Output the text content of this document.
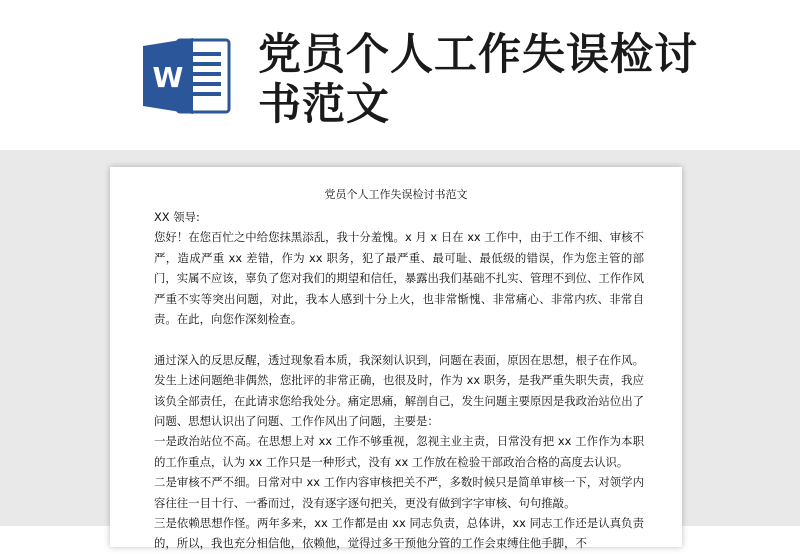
W 党员个人工作失误检讨书范文
党员个人工作失误检讨书范文

XX 领导:

您好！在您百忙之中给您抹黑添乱，我十分羞愧。x 月 x 日在 xx 工作中，由于工作不细、审核不严，造成严重 xx 差错，作为 xx 职务，犯了最严重、最可耻、最低级的错误，作为您主管的部门，实属不应该，辜负了您对我们的期望和信任，暴露出我们基础不扎实、管理不到位、工作作风严重不实等突出问题，对此，我本人感到十分上火，也非常惭愧、非常痛心、非常内疚、非常自责。在此，向您作深刻检查。

通过深入的反思反醒，透过现象看本质，我深刻认识到，问题在表面，原因在思想，根子在作风。发生上述问题绝非偶然，您批评的非常正确，也很及时，作为 xx 职务，是我严重失职失责，我应该负全部责任，在此请求您给我处分。痛定思痛，解剖自己，发生问题主要原因是我政治站位出了问题、思想认识出了问题、工作作风出了问题，主要是：

一是政治站位不高。在思想上对 xx 工作不够重视，忽视主业主责，日常没有把 xx 工作作为本职的工作重点，认为 xx 工作只是一种形式，没有 xx 工作放在检验干部政治合格的高度去认识。

二是审核不严不细。日常对中 xx 工作内容审核把关不严，多数时候只是简单审核一下，对领学内容往往一目十行、一番而过，没有逐字逐句把关，更没有做到字字审核、句句推敲。

三是依赖思想作怪。两年多来，xx 工作都是由 xx 同志负责，总体讲，xx 同志工作还是认真负责的，所以，我也充分相信他，依赖他，觉得过多干预他分管的工作会束缚住他手脚，不
